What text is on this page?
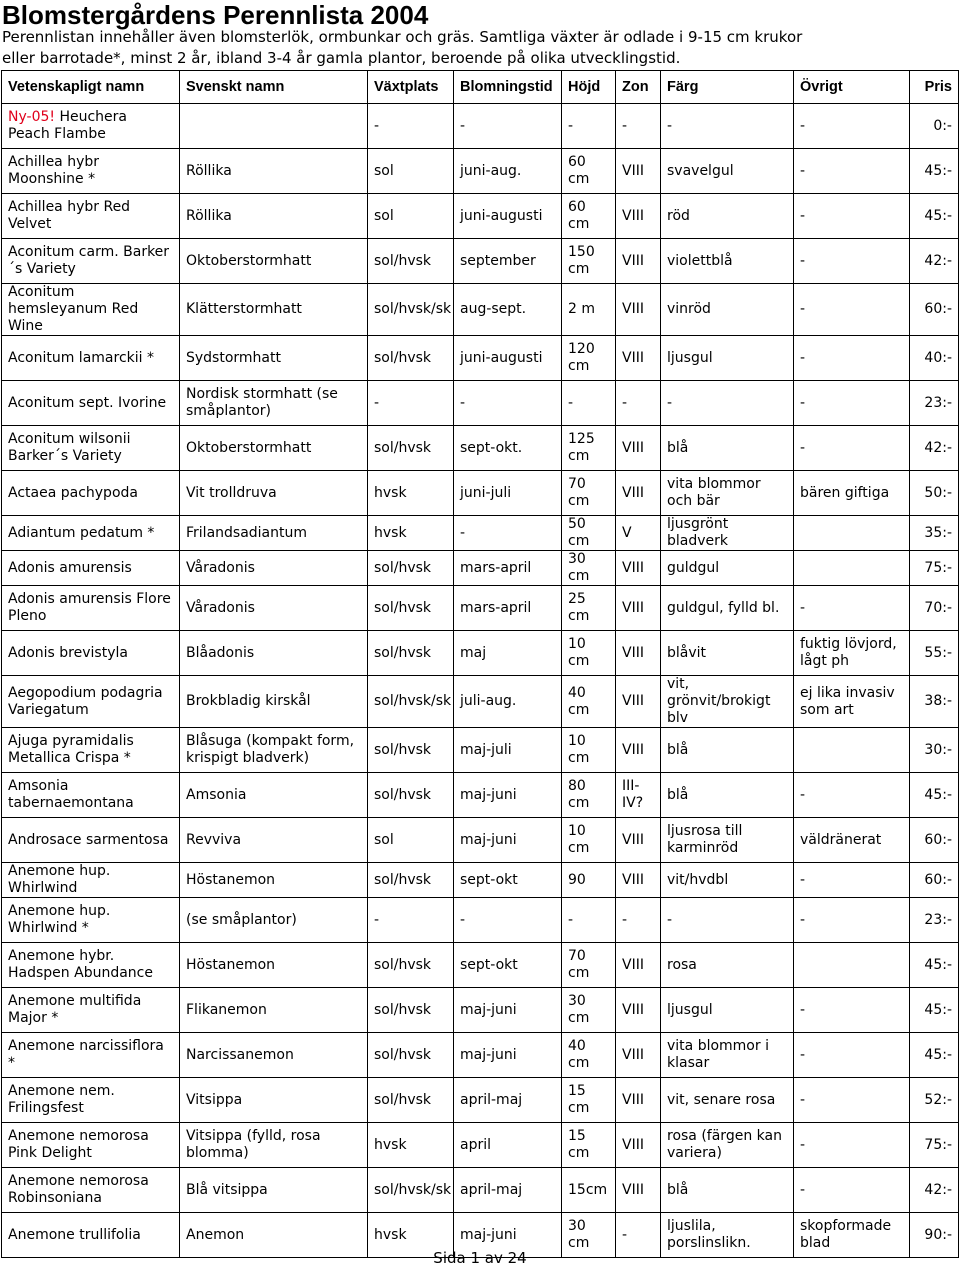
Blomstergårdens Perennlista 2004
Perennlistan innehåller även blomsterlök, ormbunkar och gräs. Samtliga växter är odlade i 9-15 cm krukor
eller barrotade*, minst 2 år, ibland 3-4 år gamla plantor, beroende på olika utvecklingstid.
Vetenskapligt namn	Svenskt namn	Växtplats	Blomningstid	Höjd	Zon	Färg	Övrigt	Pris
Ny-05! Heuchera Peach Flambe		-	-	-	-	-	-	0:-
Achillea hybr Moonshine *	Röllika	sol	juni-aug.	60 cm	VIII	svavelgul	-	45:-
Achillea hybr Red Velvet	Röllika	sol	juni-augusti	60 cm	VIII	röd	-	45:-
Aconitum carm. Barker´s Variety	Oktoberstormhatt	sol/hvsk	september	150 cm	VIII	violettblå	-	42:-
Aconitum hemsleyanum Red Wine	Klätterstormhatt	sol/hvsk/sk	aug-sept.	2 m	VIII	vinröd	-	60:-
Aconitum lamarckii *	Sydstormhatt	sol/hvsk	juni-augusti	120 cm	VIII	ljusgul	-	40:-
Aconitum sept. Ivorine	Nordisk stormhatt (se småplantor)	-	-	-	-	-	-	23:-
Aconitum wilsonii Barker´s Variety	Oktoberstormhatt	sol/hvsk	sept-okt.	125 cm	VIII	blå	-	42:-
Actaea pachypoda	Vit trolldruva	hvsk	juni-juli	70 cm	VIII	vita blommor och bär	bären giftiga	50:-
Adiantum pedatum *	Frilandsadiantum	hvsk	-	50 cm	V	ljusgrönt bladverk		35:-
Adonis amurensis	Våradonis	sol/hvsk	mars-april	30 cm	VIII	guldgul		75:-
Adonis amurensis Flore Pleno	Våradonis	sol/hvsk	mars-april	25 cm	VIII	guldgul, fylld bl.	-	70:-
Adonis brevistyla	Blåadonis	sol/hvsk	maj	10 cm	VIII	blåvit	fuktig lövjord, lågt ph	55:-
Aegopodium podagria Variegatum	Brokbladig kirskål	sol/hvsk/sk	juli-aug.	40 cm	VIII	vit, grönvit/brokigt blv	ej lika invasiv som art	38:-
Ajuga pyramidalis Metallica Crispa *	Blåsuga (kompakt form, krispigt bladverk)	sol/hvsk	maj-juli	10 cm	VIII	blå		30:-
Amsonia tabernaemontana	Amsonia	sol/hvsk	maj-juni	80 cm	III-IV?	blå	-	45:-
Androsace sarmentosa	Revviva	sol	maj-juni	10 cm	VIII	ljusrosa till karminröd	väldränerat	60:-
Anemone hup. Whirlwind	Höstanemon	sol/hvsk	sept-okt	90	VIII	vit/hvdbl	-	60:-
Anemone hup. Whirlwind *	(se småplantor)	-	-	-	-	-	-	23:-
Anemone hybr. Hadspen Abundance	Höstanemon	sol/hvsk	sept-okt	70 cm	VIII	rosa		45:-
Anemone multifida Major *	Flikanemon	sol/hvsk	maj-juni	30 cm	VIII	ljusgul	-	45:-
Anemone narcissiflora *	Narcissanemon	sol/hvsk	maj-juni	40 cm	VIII	vita blommor i klasar	-	45:-
Anemone nem. Frilingsfest	Vitsippa	sol/hvsk	april-maj	15 cm	VIII	vit, senare rosa	-	52:-
Anemone nemorosa Pink Delight	Vitsippa (fylld, rosa blomma)	hvsk	april	15 cm	VIII	rosa (färgen kan variera)	-	75:-
Anemone nemorosa Robinsoniana	Blå vitsippa	sol/hvsk/sk	april-maj	15cm	VIII	blå	-	42:-
Anemone trullifolia	Anemon	hvsk	maj-juni	30 cm	-	ljuslila, porslinslikn.	skopformade blad	90:-
Sida 1 av 24
